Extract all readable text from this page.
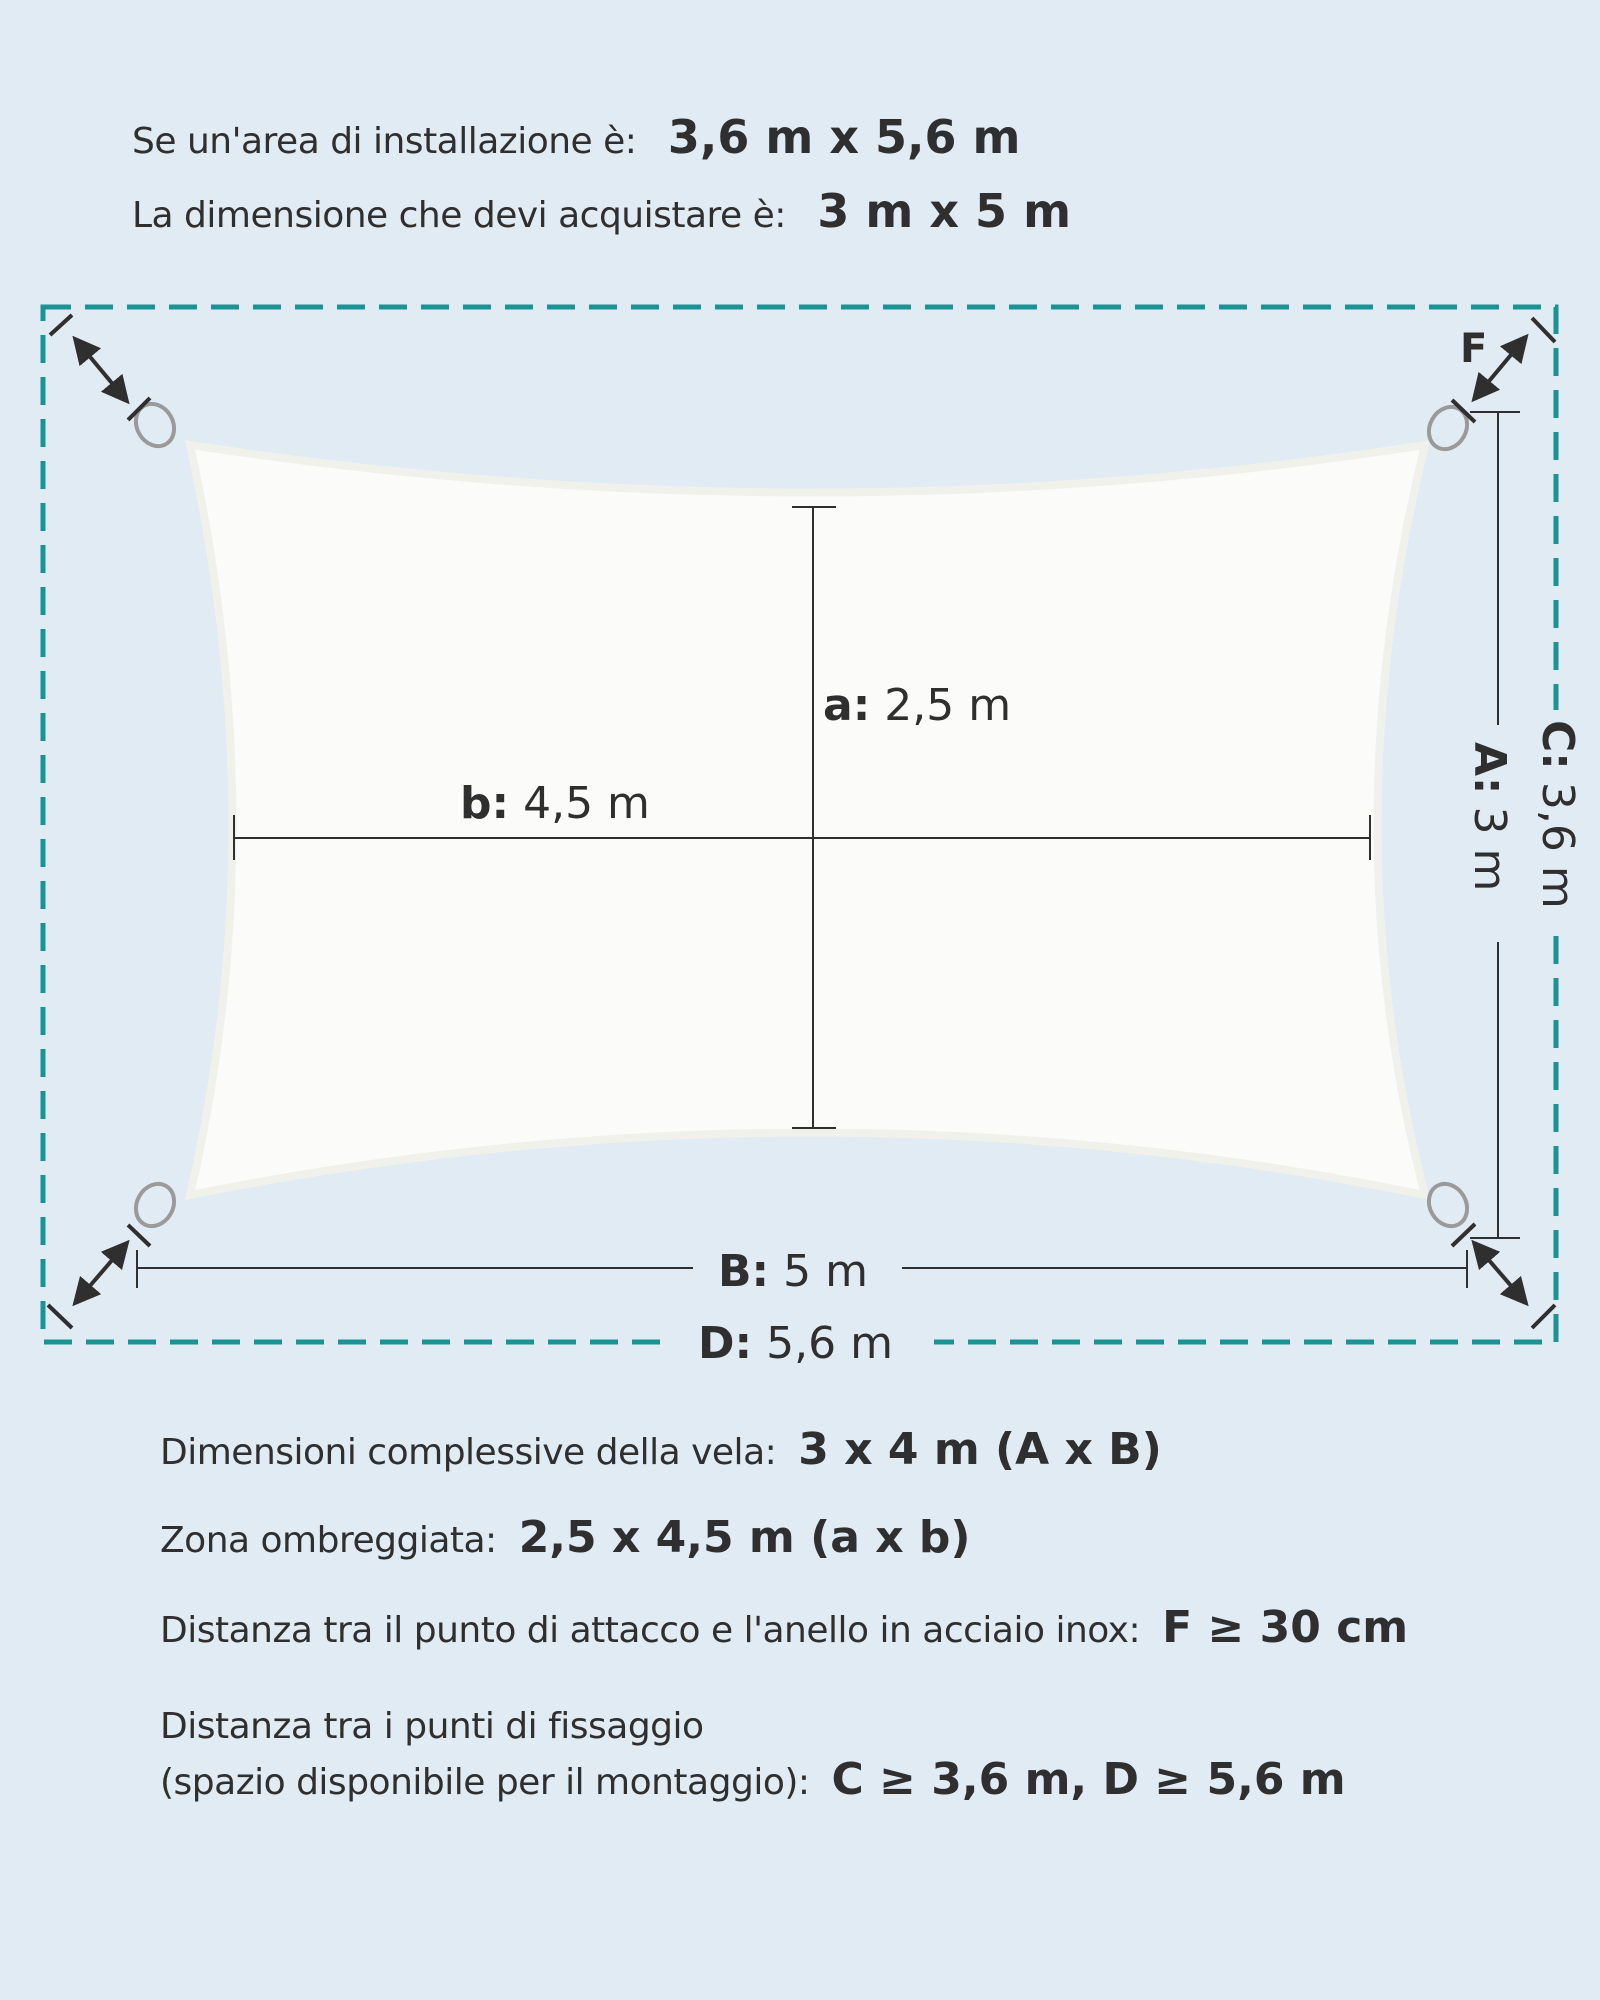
Se un'area di installazione è: 3,6 m x 5,6 m
La dimensione che devi acquistare è: 3 m x 5 m
a: 2,5 m
b: 4,5 m
B: 5 m
D: 5,6 m
F
A:3 m
C:3,6 m
Dimensioni complessive della vela: 3 x 4 m (A x B)
Zona ombreggiata: 2,5 x 4,5 m (a x b)
Distanza tra il punto di attacco e l'anello in acciaio inox: F ≥ 30 cm
Distanza tra i punti di fissaggio
(spazio disponibile per il montaggio): C ≥ 3,6 m, D ≥ 5,6 m
